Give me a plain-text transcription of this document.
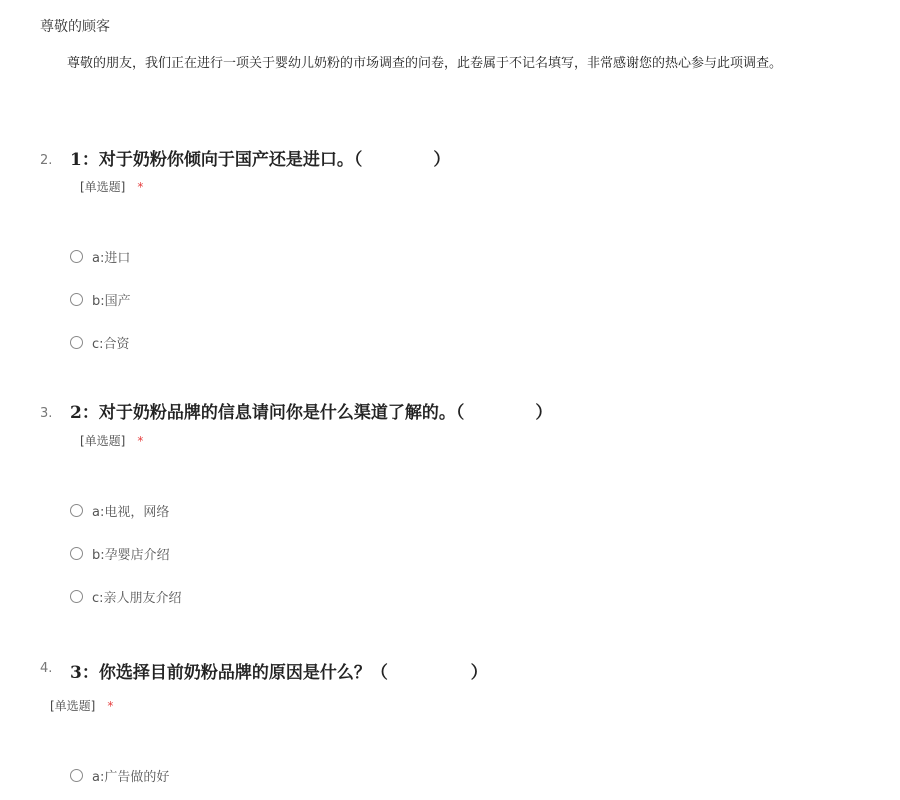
尊敬的顾客
尊敬的朋友，我们正在进行一项关于婴幼儿奶粉的市场调查的问卷，此卷属于不记名填写，非常感谢您的热心参与此项调查。
2. 1：对于奶粉你倾向于国产还是进口。（            ）
[单选题] *
a:进口
b:国产
c:合资
3. 2：对于奶粉品牌的信息请问你是什么渠道了解的。（            ）
[单选题] *
a:电视，网络
b:孕婴店介绍
c:亲人朋友介绍
4. 3：你选择目前奶粉品牌的原因是什么？（              ）
[单选题] *
a:广告做的好
